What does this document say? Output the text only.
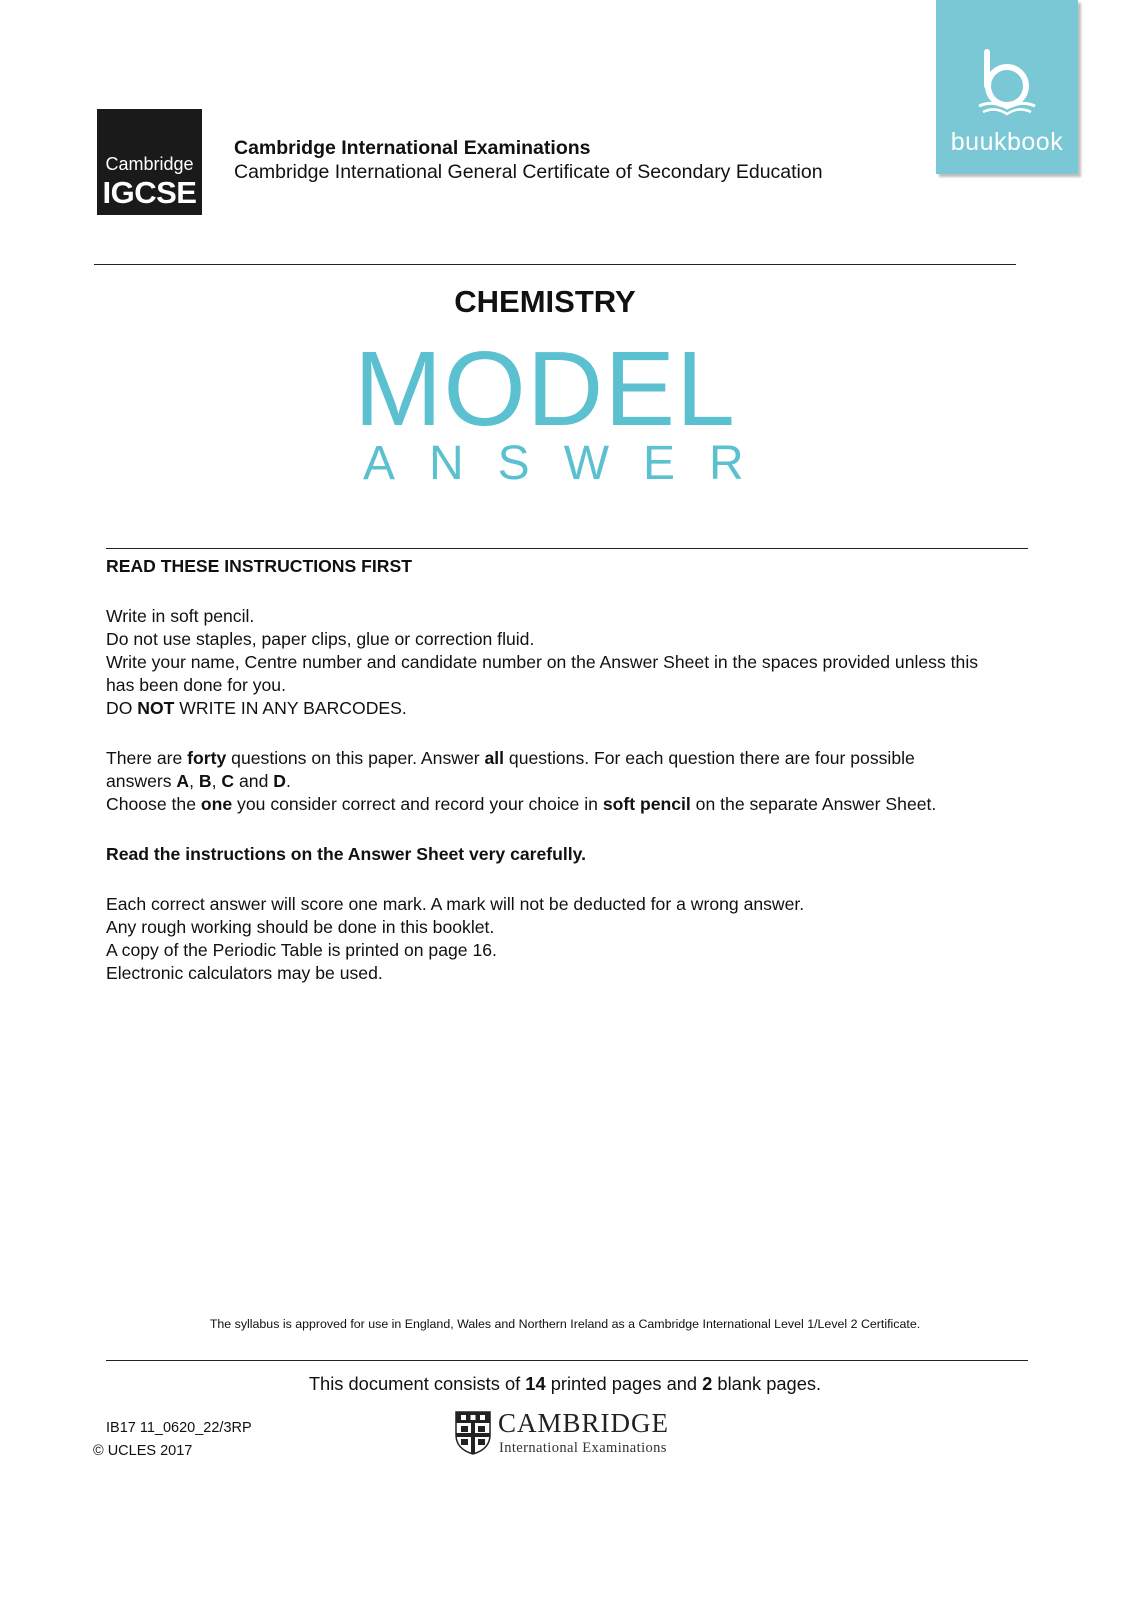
buukbook
Cambridge
IGCSE
Cambridge International Examinations
Cambridge International General Certificate of Secondary Education
CHEMISTRY
MODEL
ANSWER
READ THESE INSTRUCTIONS FIRST
Write in soft pencil.
Do not use staples, paper clips, glue or correction fluid.
Write your name, Centre number and candidate number on the Answer Sheet in the spaces provided unless this
has been done for you.
DO NOT WRITE IN ANY BARCODES.
There are forty questions on this paper. Answer all questions. For each question there are four possible
answers A, B, C and D.
Choose the one you consider correct and record your choice in soft pencil on the separate Answer Sheet.
Read the instructions on the Answer Sheet very carefully.
Each correct answer will score one mark. A mark will not be deducted for a wrong answer.
Any rough working should be done in this booklet.
A copy of the Periodic Table is printed on page 16.
Electronic calculators may be used.
The syllabus is approved for use in England, Wales and Northern Ireland as a Cambridge International Level 1/Level 2 Certificate.
This document consists of 14 printed pages and 2 blank pages.
IB17 11_0620_22/3RP
© UCLES 2017
CAMBRIDGE
International Examinations
